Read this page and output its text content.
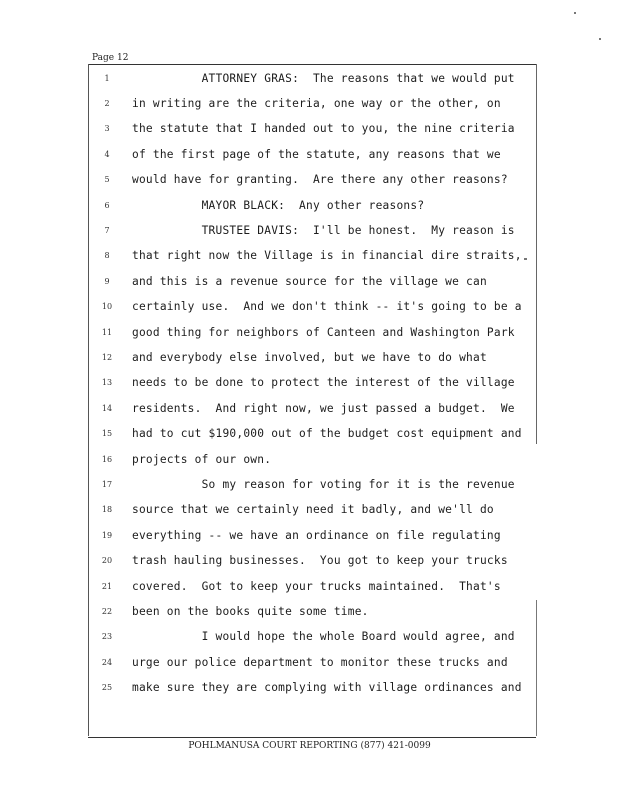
Page 12
1	ATTORNEY GRAS:  The reasons that we would put
2	in writing are the criteria, one way or the other, on
3	the statute that I handed out to you, the nine criteria
4	of the first page of the statute, any reasons that we
5	would have for granting.  Are there any other reasons?
6	MAYOR BLACK:  Any other reasons?
7	TRUSTEE DAVIS:  I'll be honest.  My reason is
8	that right now the Village is in financial dire straits,
9	and this is a revenue source for the village we can
10	certainly use.  And we don't think -- it's going to be a
11	good thing for neighbors of Canteen and Washington Park
12	and everybody else involved, but we have to do what
13	needs to be done to protect the interest of the village
14	residents.  And right now, we just passed a budget.  We
15	had to cut $190,000 out of the budget cost equipment and
16	projects of our own.
17	So my reason for voting for it is the revenue
18	source that we certainly need it badly, and we'll do
19	everything -- we have an ordinance on file regulating
20	trash hauling businesses.  You got to keep your trucks
21	covered.  Got to keep your trucks maintained.  That's
22	been on the books quite some time.
23	I would hope the whole Board would agree, and
24	urge our police department to monitor these trucks and
25	make sure they are complying with village ordinances and
POHLMANUSA COURT REPORTING (877) 421-0099
